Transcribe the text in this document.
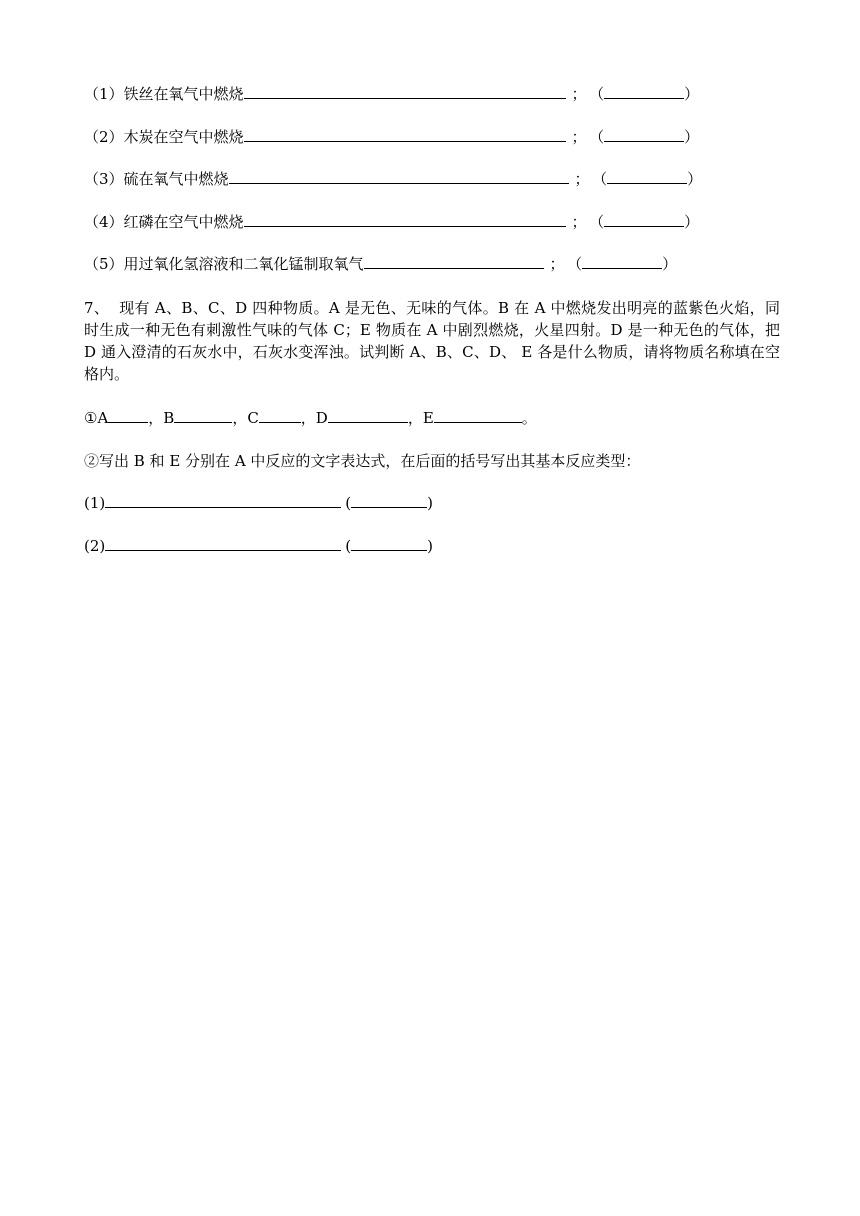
（1）铁丝在氧气中燃烧	； （	）
（2）木炭在空气中燃烧	； （	）
（3）硫在氧气中燃烧	； （	）
（4）红磷在空气中燃烧	； （	）
（5）用过氧化氢溶液和二氧化锰制取氧气	； （	）
7、 现有 A、B、C、D 四种物质。A 是无色、无味的气体。B 在 A 中燃烧发出明亮的蓝紫色火焰，同时生成一种无色有刺激性气味的气体 C；E 物质在 A 中剧烈燃烧，火星四射。D 是一种无色的气体，把 D 通入澄清的石灰水中，石灰水变浑浊。试判断 A、B、C、D、 E 各是什么物质，请将物质名称填在空格内。
①A	，B	，C	，D	，E	。
②写出 B 和 E 分别在 A 中反应的文字表达式，在后面的括号写出其基本反应类型：
(1)	(	)
(2)	(	)
